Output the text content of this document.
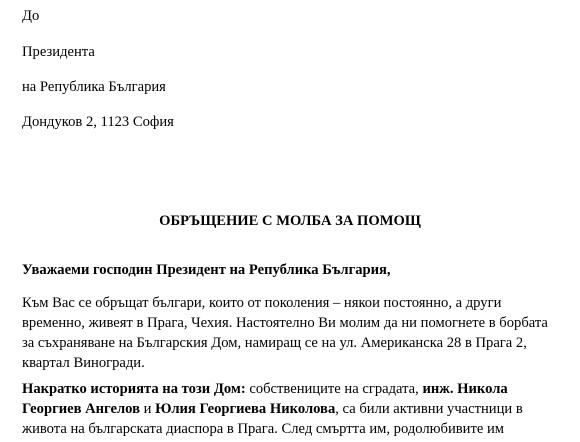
До
Президента
на Република България
Дондуков 2, 1123 София
ОБРЪЩЕНИЕ С МОЛБА ЗА ПОМОЩ
Уважаеми господин Президент на Република България,
Към Вас се обръщат българи, които от поколения – някои постоянно, а други
временно, живеят в Прага, Чехия. Настоятелно Ви молим да ни помогнете в борбата
за съхраняване на Българския Дом, намиращ се на ул. Американска 28 в Прага 2,
квартал Виногради.

Накратко историята на този Дом: собствениците на сградата, инж. Никола Георгиев Ангелов и Юлия Георгиева Николова, са били активни участници в живота на българската диаспора в Прага. След смъртта им, родолюбивите им
